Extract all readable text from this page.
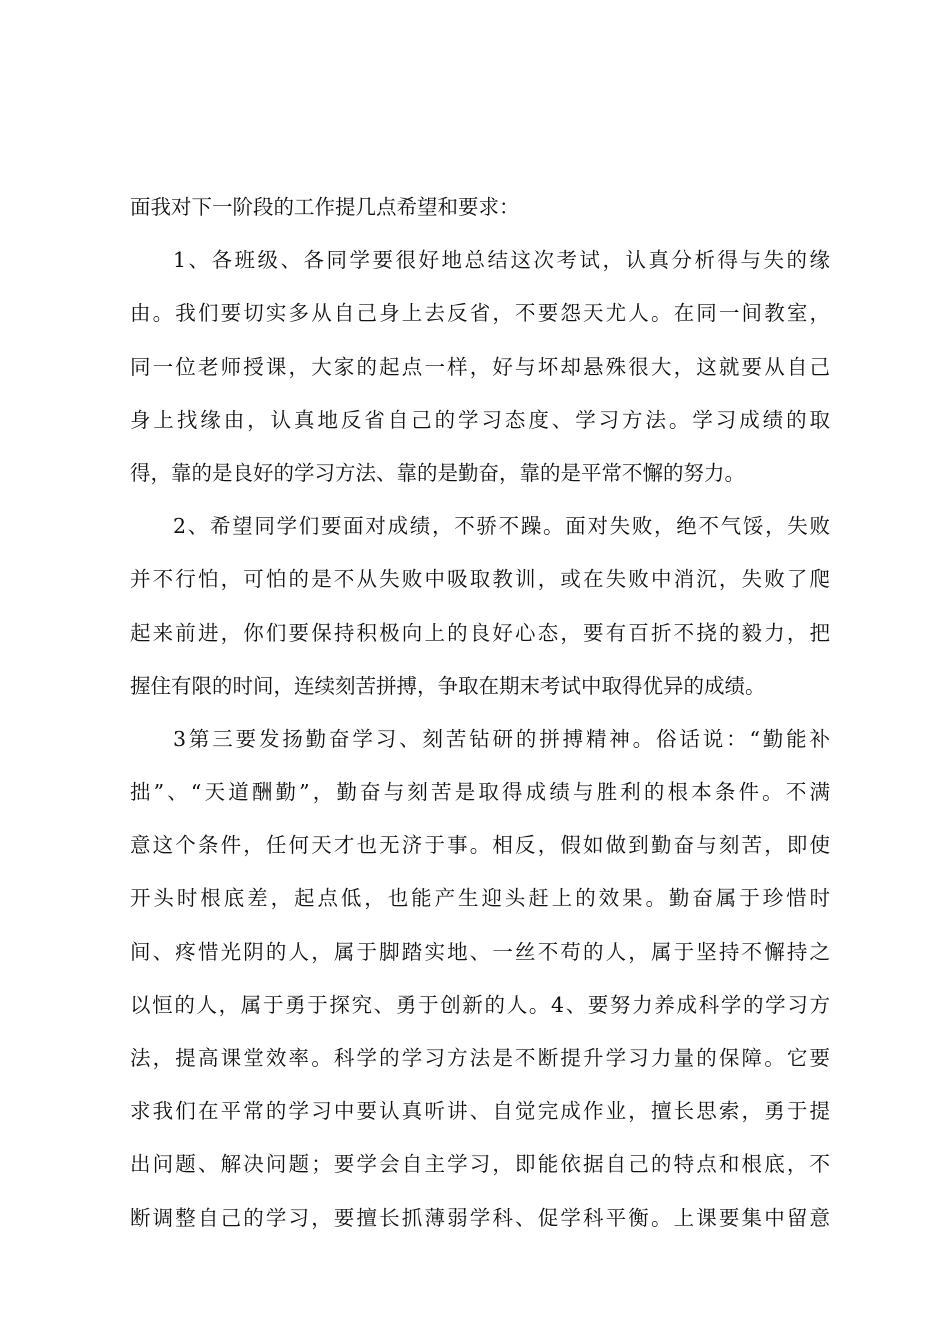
面我对下一阶段的工作提几点希望和要求：
1、各班级、各同学要很好地总结这次考试，认真分析得与失的缘
由。我们要切实多从自己身上去反省，不要怨天尤人。在同一间教室，
同一位老师授课，大家的起点一样，好与坏却悬殊很大，这就要从自己
身上找缘由，认真地反省自己的学习态度、学习方法。学习成绩的取
得，靠的是良好的学习方法、靠的是勤奋，靠的是平常不懈的努力。
2、希望同学们要面对成绩，不骄不躁。面对失败，绝不气馁，失败
并不行怕，可怕的是不从失败中吸取教训，或在失败中消沉，失败了爬
起来前进，你们要保持积极向上的良好心态，要有百折不挠的毅力，把
握住有限的时间，连续刻苦拼搏，争取在期末考试中取得优异的成绩。
3第三要发扬勤奋学习、刻苦钻研的拼搏精神。俗话说：“勤能补
拙”、“天道酬勤”，勤奋与刻苦是取得成绩与胜利的根本条件。不满
意这个条件，任何天才也无济于事。相反，假如做到勤奋与刻苦，即使
开头时根底差，起点低，也能产生迎头赶上的效果。勤奋属于珍惜时
间、疼惜光阴的人，属于脚踏实地、一丝不苟的人，属于坚持不懈持之
以恒的人，属于勇于探究、勇于创新的人。4、要努力养成科学的学习方
法，提高课堂效率。科学的学习方法是不断提升学习力量的保障。它要
求我们在平常的学习中要认真听讲、自觉完成作业，擅长思索，勇于提
出问题、解决问题；要学会自主学习，即能依据自己的特点和根底，不
断调整自己的学习，要擅长抓薄弱学科、促学科平衡。上课要集中留意
